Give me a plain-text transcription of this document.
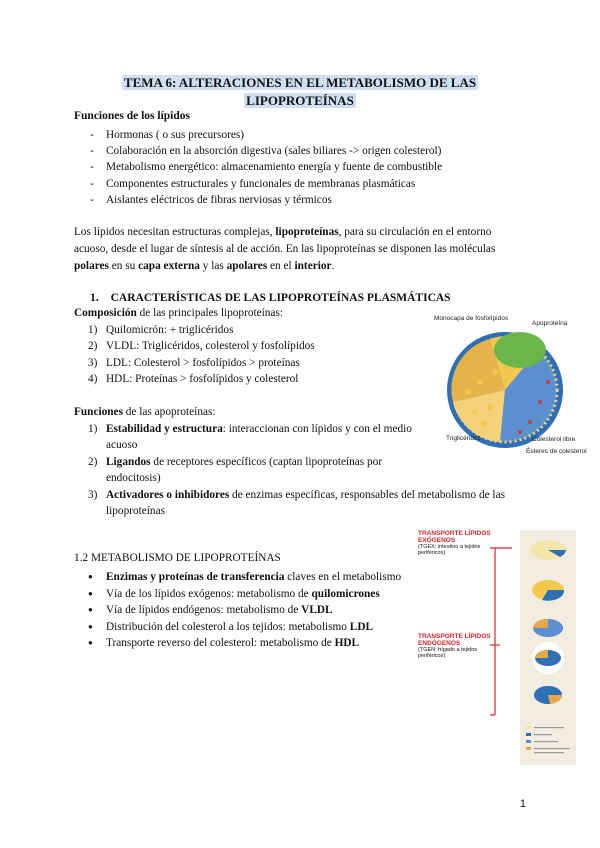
TEMA 6: ALTERACIONES EN EL METABOLISMO DE LAS
LIPOPROTEÍNAS
Funciones de los lípidos
- Hormonas ( o sus precursores)
- Colaboración en la absorción digestiva (sales biliares -> origen colesterol)
- Metabolismo energético: almacenamiento energía y fuente de combustible
- Componentes estructurales y funcionales de membranas plasmáticas
- Aislantes eléctricos de fibras nerviosas y térmicos
Los lípidos necesitan estructuras complejas, lipoproteínas, para su circulación en el entorno acuoso, desde el lugar de síntesis al de acción. En las lipoproteínas se disponen las moléculas polares en su capa externa y las apolares en el interior.
1. CARACTERÍSTICAS DE LAS LIPOPROTEÍNAS PLASMÁTICAS
Composición de las principales lipoproteínas:
1) Quilomicrón: + triglicéridos
2) VLDL: Triglicéridos, colesterol y fosfolípidos
3) LDL: Colesterol > fosfolípidos > proteínas
4) HDL: Proteínas > fosfolípidos y colesterol
Funciones de las apoproteínas:
1) Estabilidad y estructura: interaccionan con lípidos y con el medio acuoso
2) Ligandos de receptores específicos (captan lipoproteínas por endocitosis)
3) Activadores o inhibidores de enzimas específicas, responsables del metabolismo de las lipoproteínas
Monocapa de fosfolípidos
Apoproteína
Triglicéridos	Colesterol libre
Ésteres de colesterol
1.2 METABOLISMO DE LIPOPROTEÍNAS
● Enzimas y proteínas de transferencia claves en el metabolismo
● Vía de los lípidos exógenos: metabolismo de quilomicrones
● Vía de lípidos endógenos: metabolismo de VLDL
● Distribución del colesterol a los tejidos: metabolismo LDL
● Transporte reverso del colesterol: metabolismo de HDL
TRANSPORTE LÍPIDOS EXÓGENOS
(TGEX: intestino a tejidos periféricos)
TRANSPORTE LÍPIDOS ENDÓGENOS
(TGEN: hígado a tejidos periféricos)
1
